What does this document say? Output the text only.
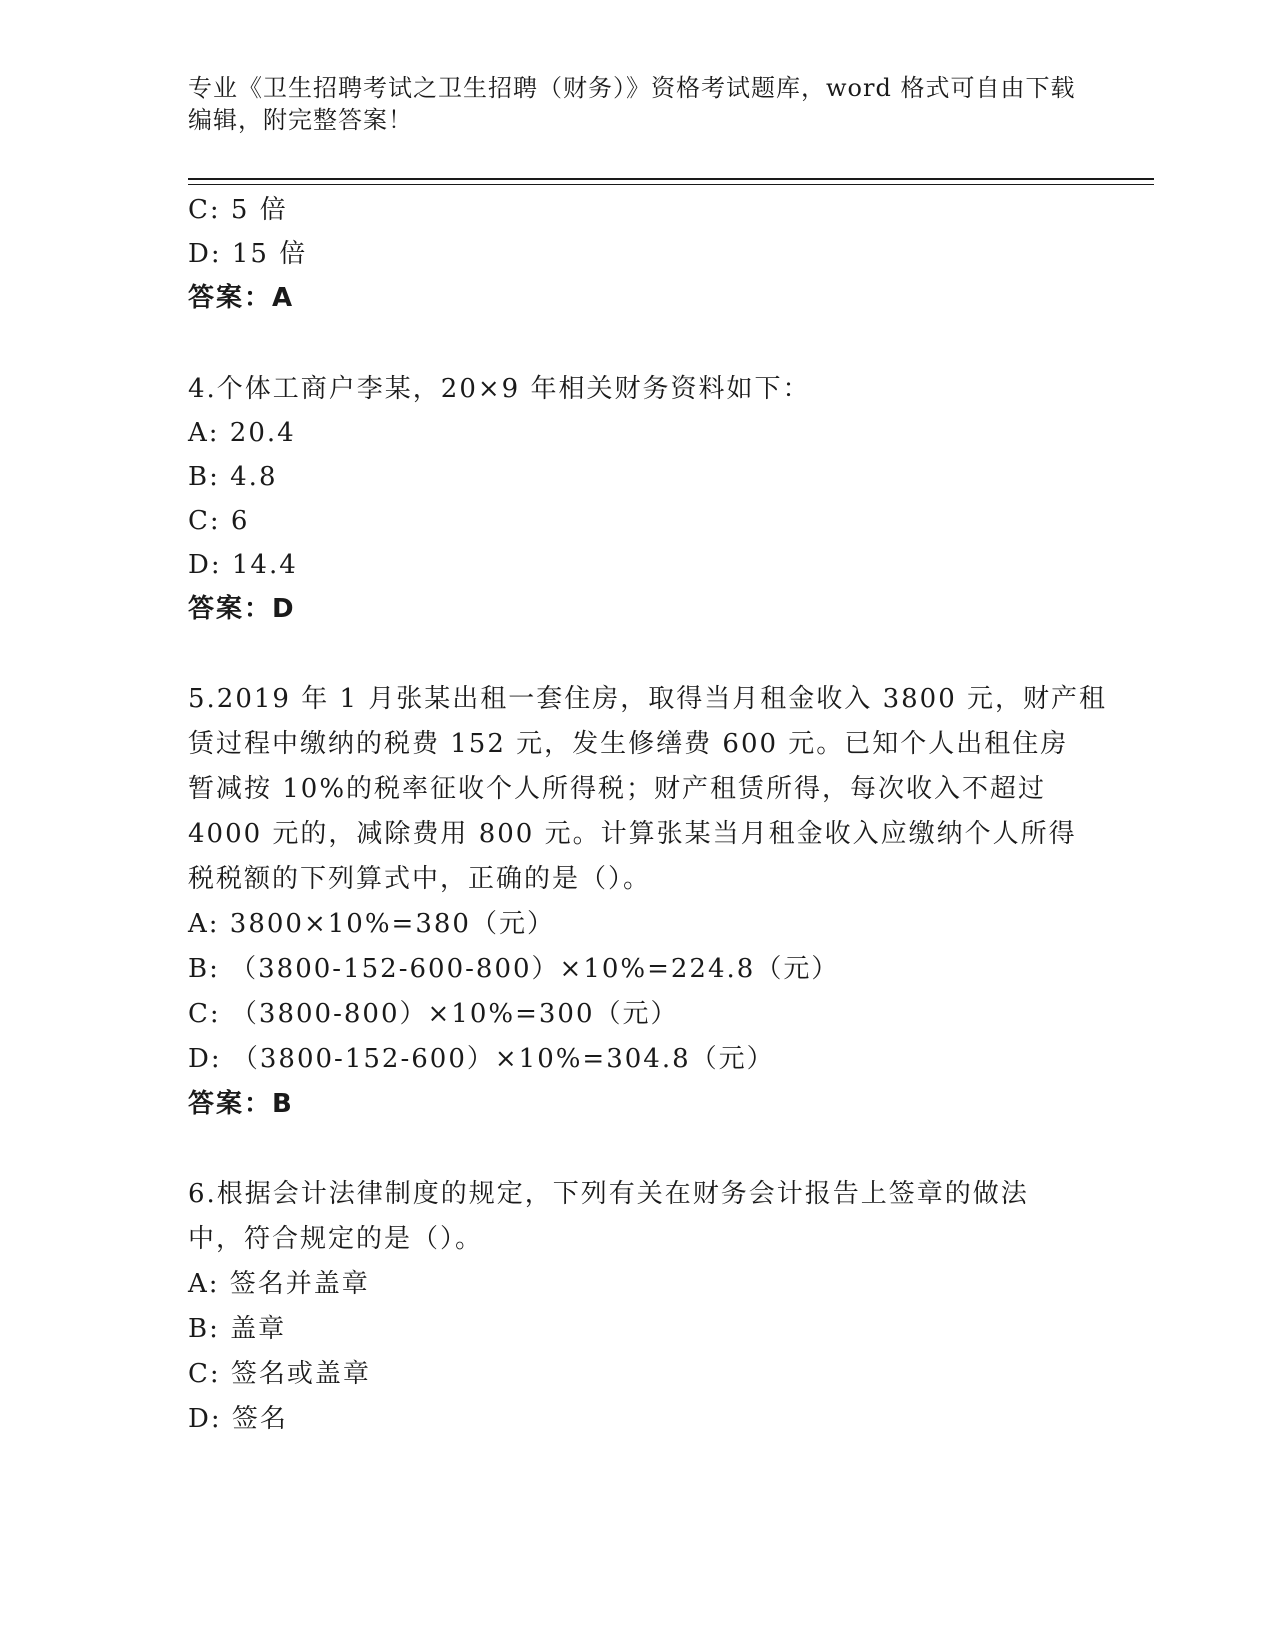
专业《卫生招聘考试之卫生招聘（财务）》资格考试题库，word 格式可自由下载
编辑，附完整答案！
C: 5 倍
D: 15 倍
答案：A
4.个体工商户李某，20×9 年相关财务资料如下：
A: 20.4
B: 4.8
C: 6
D: 14.4
答案：D
5.2019 年 1 月张某出租一套住房，取得当月租金收入 3800 元，财产租
赁过程中缴纳的税费 152 元，发生修缮费 600 元。已知个人出租住房
暂减按 10%的税率征收个人所得税；财产租赁所得，每次收入不超过
4000 元的，减除费用 800 元。计算张某当月租金收入应缴纳个人所得
税税额的下列算式中，正确的是（）。
A: 3800×10%=380（元）
B: （3800-152-600-800）×10%=224.8（元）
C: （3800-800）×10%=300（元）
D: （3800-152-600）×10%=304.8（元）
答案：B
6.根据会计法律制度的规定，下列有关在财务会计报告上签章的做法
中，符合规定的是（）。
A: 签名并盖章
B: 盖章
C: 签名或盖章
D: 签名
